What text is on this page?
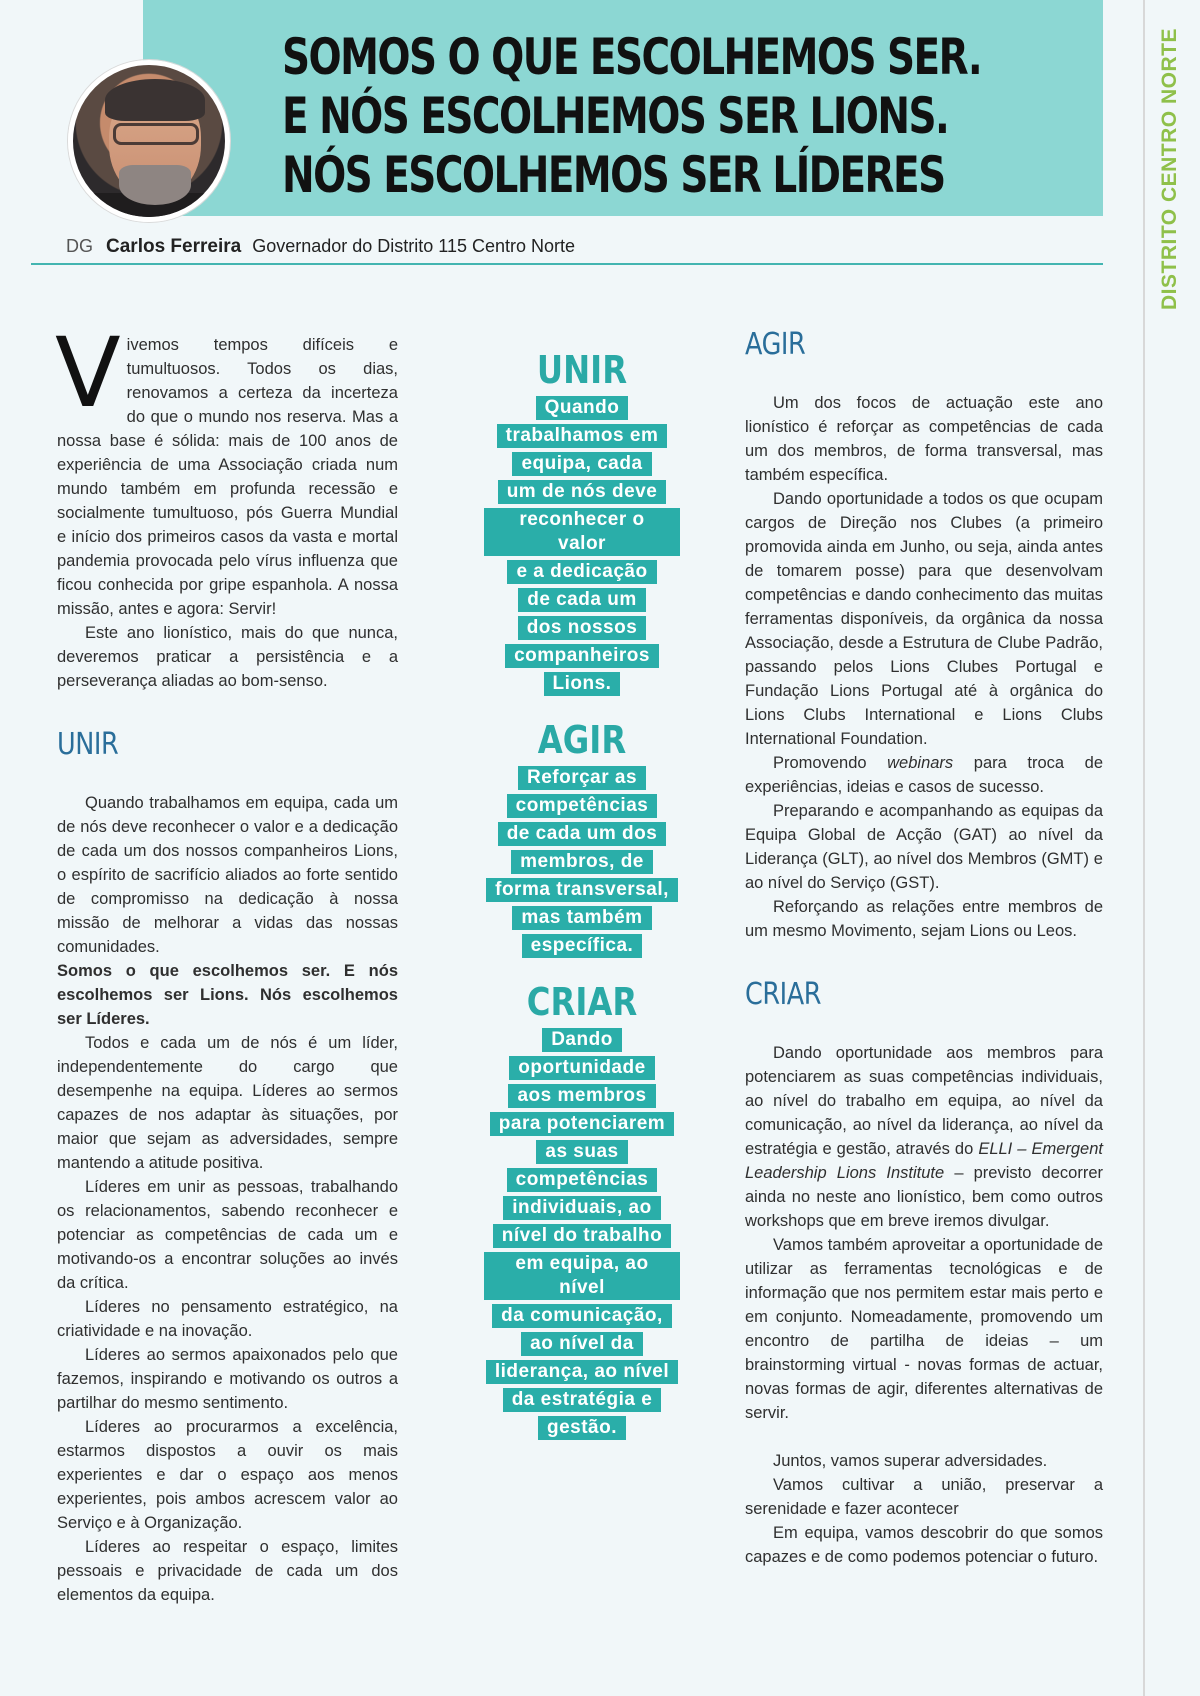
DISTRITO CENTRO NORTE
SOMOS O QUE ESCOLHEMOS SER.
E NÓS ESCOLHEMOS SER LIONS.
NÓS ESCOLHEMOS SER LÍDERES
DG Carlos Ferreira Governador do Distrito 115 Centro Norte

Vivemos tempos difíceis e tumultuosos. Todos os dias, renovamos a certeza da incerteza do que o mundo nos reserva. Mas a nossa base é sólida: mais de 100 anos de experiência de uma Associação criada num mundo também em profunda recessão e socialmente tumultuoso, pós Guerra Mundial e início dos primeiros casos da vasta e mortal pandemia provocada pelo vírus influenza que ficou conhecida por gripe espanhola. A nossa missão, antes e agora: Servir!

Este ano lionístico, mais do que nunca, deveremos praticar a persistência e a perseverança aliadas ao bom-senso.

UNIR

Quando trabalhamos em equipa, cada um de nós deve reconhecer o valor e a dedicação de cada um dos nossos companheiros Lions, o espírito de sacrifício aliados ao forte sentido de compromisso na dedicação à nossa missão de melhorar a vidas das nossas comunidades.

Somos o que escolhemos ser. E nós escolhemos ser Lions. Nós escolhemos ser Líderes.

Todos e cada um de nós é um líder, independentemente do cargo que desempenhe na equipa. Líderes ao sermos capazes de nos adaptar às situações, por maior que sejam as adversidades, sempre mantendo a atitude positiva.

Líderes em unir as pessoas, trabalhando os relacionamentos, sabendo reconhecer e potenciar as competências de cada um e motivando-os a encontrar soluções ao invés da crítica.

Líderes no pensamento estratégico, na criatividade e na inovação.

Líderes ao sermos apaixonados pelo que fazemos, inspirando e motivando os outros a partilhar do mesmo sentimento.

Líderes ao procurarmos a excelência, estarmos dispostos a ouvir os mais experientes e dar o espaço aos menos experientes, pois ambos acrescem valor ao Serviço e à Organização.

Líderes ao respeitar o espaço, limites pessoais e privacidade de cada um dos elementos da equipa.

UNIR
Quando
trabalhamos em
equipa, cada
um de nós deve
reconhecer o valor
e a dedicação
de cada um
dos nossos
companheiros
Lions.
AGIR
Reforçar as
competências
de cada um dos
membros, de
forma transversal,
mas também
específica.
CRIAR
Dando
oportunidade
aos membros
para potenciarem
as suas
competências
individuais, ao
nível do trabalho
em equipa, ao nível
da comunicação,
ao nível da
liderança, ao nível
da estratégia e
gestão.
AGIR

Um dos focos de actuação este ano lionístico é reforçar as competências de cada um dos membros, de forma transversal, mas também específica.

Dando oportunidade a todos os que ocupam cargos de Direção nos Clubes (a primeiro promovida ainda em Junho, ou seja, ainda antes de tomarem posse) para que desenvolvam competências e dando conhecimento das muitas ferramentas disponíveis, da orgânica da nossa Associação, desde a Estrutura de Clube Padrão, passando pelos Lions Clubes Portugal e Fundação Lions Portugal até à orgânica do Lions Clubs International e Lions Clubs International Foundation.

Promovendo webinars para troca de experiências, ideias e casos de sucesso.

Preparando e acompanhando as equipas da Equipa Global de Acção (GAT) ao nível da Liderança (GLT), ao nível dos Membros (GMT) e ao nível do Serviço (GST).

Reforçando as relações entre membros de um mesmo Movimento, sejam Lions ou Leos.

CRIAR

Dando oportunidade aos membros para potenciarem as suas competências individuais, ao nível do trabalho em equipa, ao nível da comunicação, ao nível da liderança, ao nível da estratégia e gestão, através do ELLI – Emergent Leadership Lions Institute – previsto decorrer ainda no neste ano lionístico, bem como outros workshops que em breve iremos divulgar.

Vamos também aproveitar a oportunidade de utilizar as ferramentas tecnológicas e de informação que nos permitem estar mais perto e em conjunto. Nomeadamente, promovendo um encontro de partilha de ideias – um brainstorming virtual - novas formas de actuar, novas formas de agir, diferentes alternativas de servir.

Juntos, vamos superar adversidades.

Vamos cultivar a união, preservar a serenidade e fazer acontecer

Em equipa, vamos descobrir do que somos capazes e de como podemos potenciar o futuro.
